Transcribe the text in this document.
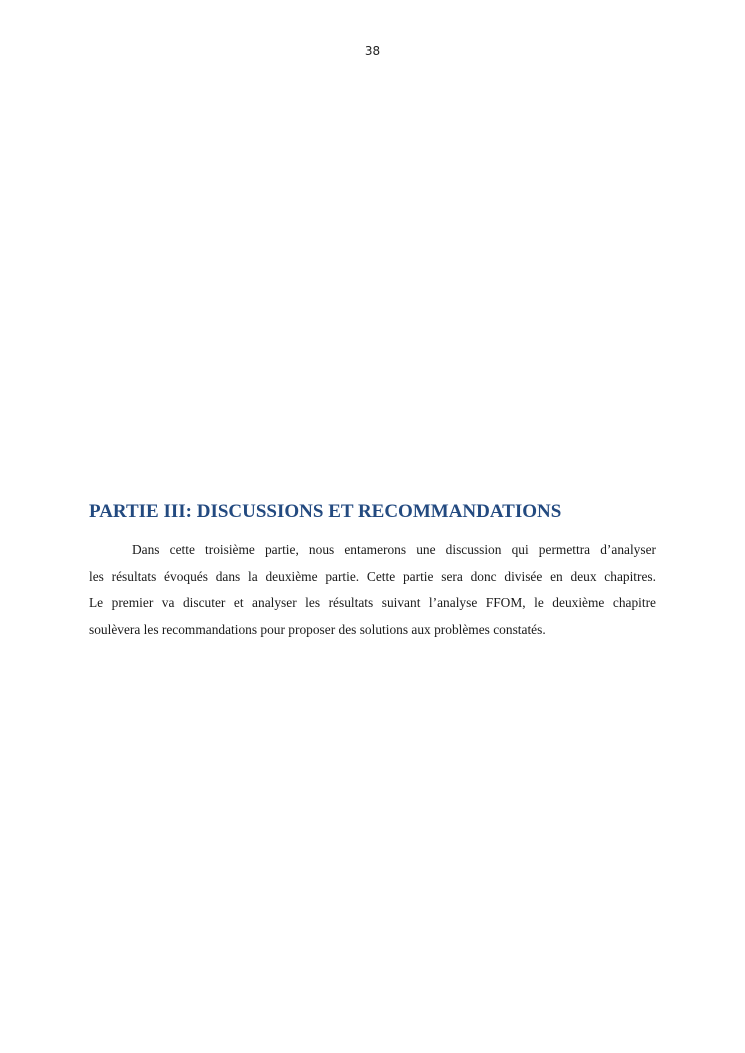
38
PARTIE III: DISCUSSIONS ET RECOMMANDATIONS

Dans cette troisième partie, nous entamerons une discussion qui permettra d’analyser
les résultats évoqués dans la deuxième partie. Cette partie sera donc divisée en deux chapitres.
Le premier va discuter et analyser les résultats suivant l’analyse FFOM, le deuxième chapitre
soulèvera les recommandations pour proposer des solutions aux problèmes constatés.
